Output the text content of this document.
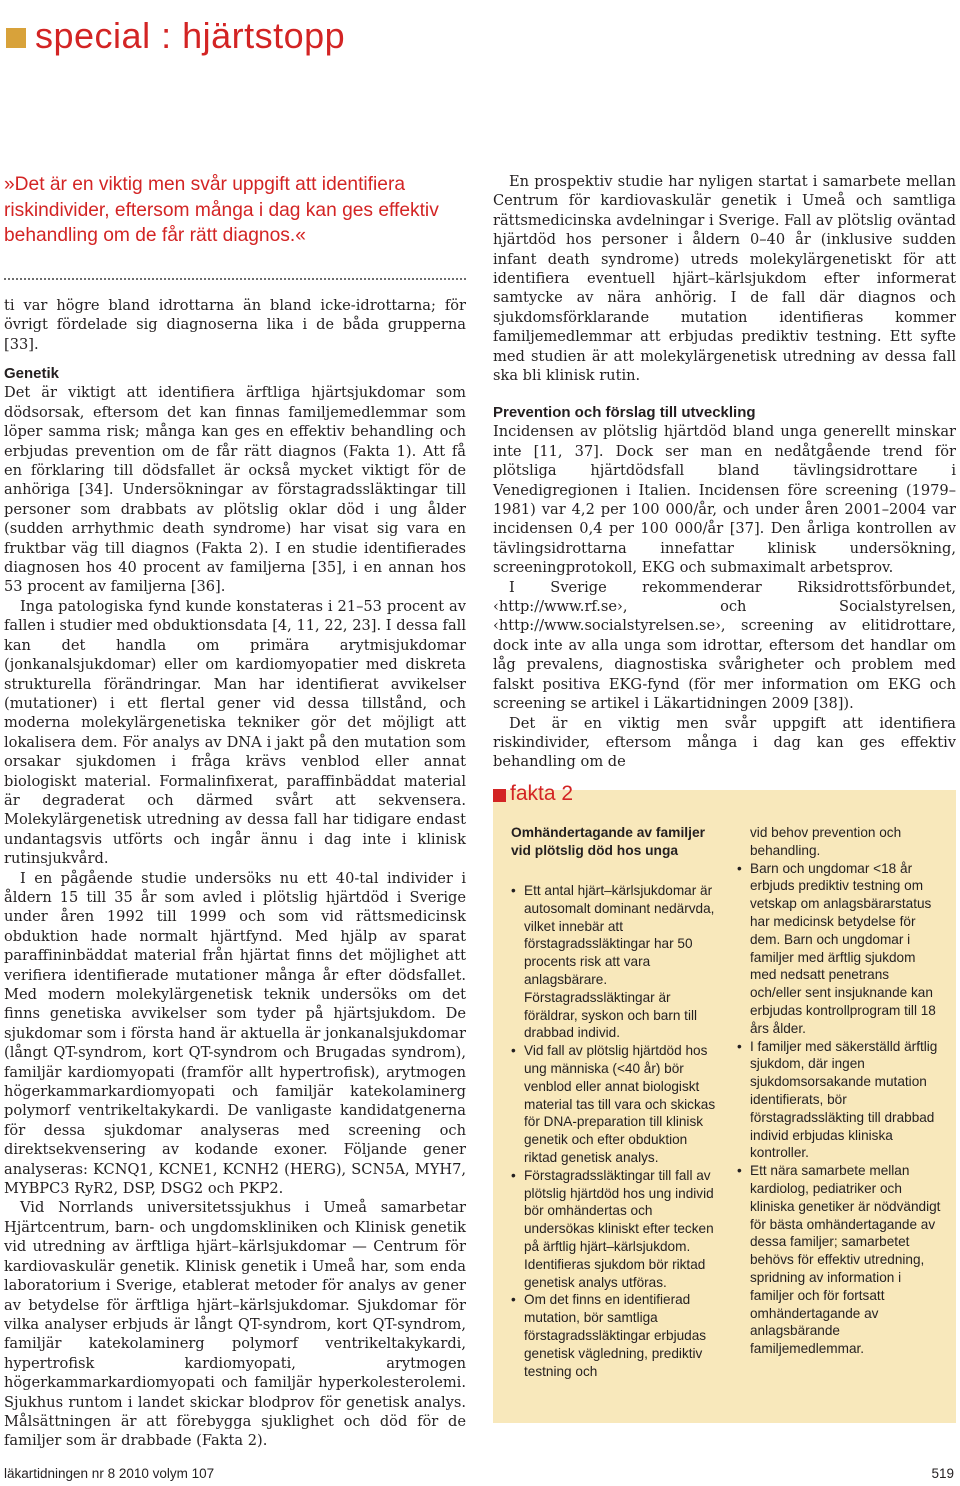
special : hjärtstopp
»Det är en viktig men svår uppgift att identifiera riskindivider, eftersom många i dag kan ges effektiv behandling om de får rätt diagnos.«

ti var högre bland idrottarna än bland icke-idrottarna; för övrigt fördelade sig diagnoserna lika i de båda grupperna [33].

Genetik

Det är viktigt att identifiera ärftliga hjärtsjukdomar som dödsorsak, eftersom det kan finnas familjemedlemmar som löper samma risk; många kan ges en effektiv behandling och erbjudas prevention om de får rätt diagnos (Fakta 1). Att få en förklaring till dödsfallet är också mycket viktigt för de anhöriga [34]. Undersökningar av förstagradssläktingar till personer som drabbats av plötslig oklar död i ung ålder (sudden arrhythmic death syndrome) har visat sig vara en fruktbar väg till diagnos (Fakta 2). I en studie identifierades diagnosen hos 40 procent av familjerna [35], i en annan hos 53 procent av familjerna [36].

Inga patologiska fynd kunde konstateras i 21–53 procent av fallen i studier med obduktionsdata [4, 11, 22, 23]. I dessa fall kan det handla om primära arytmisjukdomar (jonkanalsjukdomar) eller om kardiomyopatier med diskreta strukturella förändringar. Man har identifierat avvikelser (mutationer) i ett flertal gener vid dessa tillstånd, och moderna molekylärgenetiska tekniker gör det möjligt att lokalisera dem. För analys av DNA i jakt på den mutation som orsakar sjukdomen i fråga krävs venblod eller annat biologiskt material. Formalinfixerat, paraffinbäddat material är degraderat och därmed svårt att sekvensera. Molekylärgenetisk utredning av dessa fall har tidigare endast undantagsvis utförts och ingår ännu i dag inte i klinisk rutinsjukvård.

I en pågående studie undersöks nu ett 40-tal individer i åldern 15 till 35 år som avled i plötslig hjärtdöd i Sverige under åren 1992 till 1999 och som vid rättsmedicinsk obduktion hade normalt hjärtfynd. Med hjälp av sparat paraffininbäddat material från hjärtat finns det möjlighet att verifiera identifierade mutationer många år efter dödsfallet. Med modern molekylärgenetisk teknik undersöks om det finns genetiska avvikelser som tyder på hjärtsjukdom. De sjukdomar som i första hand är aktuella är jonkanalsjukdomar (långt QT-syndrom, kort QT-syndrom och Brugadas syndrom), familjär kardiomyopati (framför allt hypertrofisk), arytmogen högerkammarkardiomyopati och familjär katekolaminerg polymorf ventrikeltakykardi. De vanligaste kandidatgenerna för dessa sjukdomar analyseras med screening och direktsekvensering av kodande exoner. Följande gener analyseras: KCNQ1, KCNE1, KCNH2 (HERG), SCN5A, MYH7, MYBPC3 RyR2, DSP, DSG2 och PKP2.

Vid Norrlands universitetssjukhus i Umeå samarbetar Hjärtcentrum, barn- och ungdomskliniken och Klinisk genetik vid utredning av ärftliga hjärt–kärlsjukdomar — Centrum för kardiovaskulär genetik. Klinisk genetik i Umeå har, som enda laboratorium i Sverige, etablerat metoder för analys av gener av betydelse för ärftliga hjärt–kärlsjukdomar. Sjukdomar för vilka analyser erbjuds är långt QT-syndrom, kort QT-syndrom, familjär katekolaminerg polymorf ventrikeltakykardi, hypertrofisk kardiomyopati, arytmogen högerkammarkardiomyopati och familjär hyperkolesterolemi. Sjukhus runtom i landet skickar blodprov för genetisk analys. Målsättningen är att förebygga sjuklighet och död för de familjer som är drabbade (Fakta 2).

En prospektiv studie har nyligen startat i samarbete mellan Centrum för kardiovaskulär genetik i Umeå och samtliga rättsmedicinska avdelningar i Sverige. Fall av plötslig oväntad hjärtdöd hos personer i åldern 0–40 år (inklusive sudden infant death syndrome) utreds molekylärgenetiskt för att identifiera eventuell hjärt–kärlsjukdom efter informerat samtycke av nära anhörig. I de fall där diagnos och sjukdomsförklarande mutation identifieras kommer familjemedlemmar att erbjudas prediktiv testning. Ett syfte med studien är att molekylärgenetisk utredning av dessa fall ska bli klinisk rutin.

Prevention och förslag till utveckling

Incidensen av plötslig hjärtdöd bland unga generellt minskar inte [11, 37]. Dock ser man en nedåtgående trend för plötsliga hjärtdödsfall bland tävlingsidrottare i Venedigregionen i Italien. Incidensen före screening (1979–1981) var 4,2 per 100 000/år, och under åren 2001–2004 var incidensen 0,4 per 100 000/år [37]. Den årliga kontrollen av tävlingsidrottarna innefattar klinisk undersökning, screeningprotokoll, EKG och submaximalt arbetsprov.

I Sverige rekommenderar Riksidrottsförbundet, ‹http://www.rf.se›, och Socialstyrelsen, ‹http://www.socialstyrelsen.se›, screening av elitidrottare, dock inte av alla unga som idrottar, eftersom det handlar om låg prevalens, diagnostiska svårigheter och problem med falskt positiva EKG-fynd (för mer information om EKG och screening se artikel i Läkartidningen 2009 [38]).

Det är en viktig men svår uppgift att identifiera riskindivider, eftersom många i dag kan ges effektiv behandling om de

fakta 2

Omhändertagande av familjer vid plötslig död hos unga

• Ett antal hjärt–kärlsjukdomar är autosomalt dominant nedärvda, vilket innebär att förstagradssläktingar har 50 procents risk att vara anlagsbärare. Förstagradssläktingar är föräldrar, syskon och barn till drabbad individ.
• Vid fall av plötslig hjärtdöd hos ung människa (<40 år) bör venblod eller annat biologiskt material tas till vara och skickas för DNA-preparation till klinisk genetik och efter obduktion riktad genetisk analys.
• Förstagradssläktingar till fall av plötslig hjärtdöd hos ung individ bör omhändertas och undersökas kliniskt efter tecken på ärftlig hjärt–kärlsjukdom. Identifieras sjukdom bör riktad genetisk analys utföras.
• Om det finns en identifierad mutation, bör samtliga förstagradssläktingar erbjudas genetisk vägledning, prediktiv testning och

vid behov prevention och behandling.

• Barn och ungdomar <18 år erbjuds prediktiv testning om vetskap om anlagsbärarstatus har medicinsk betydelse för dem. Barn och ungdomar i familjer med ärftlig sjukdom med nedsatt penetrans och/eller sent insjuknande kan erbjudas kontrollprogram till 18 års ålder.
• I familjer med säkerställd ärftlig sjukdom, där ingen sjukdomsorsakande mutation identifierats, bör förstagradssläkting till drabbad individ erbjudas kliniska kontroller.
• Ett nära samarbete mellan kardiolog, pediatriker och kliniska genetiker är nödvändigt för bästa omhändertagande av dessa familjer; samarbetet behövs för effektiv utredning, spridning av information i familjer och för fortsatt omhändertagande av anlagsbärande familjemedlemmar.
läkartidningen nr 8 2010 volym 107	519
